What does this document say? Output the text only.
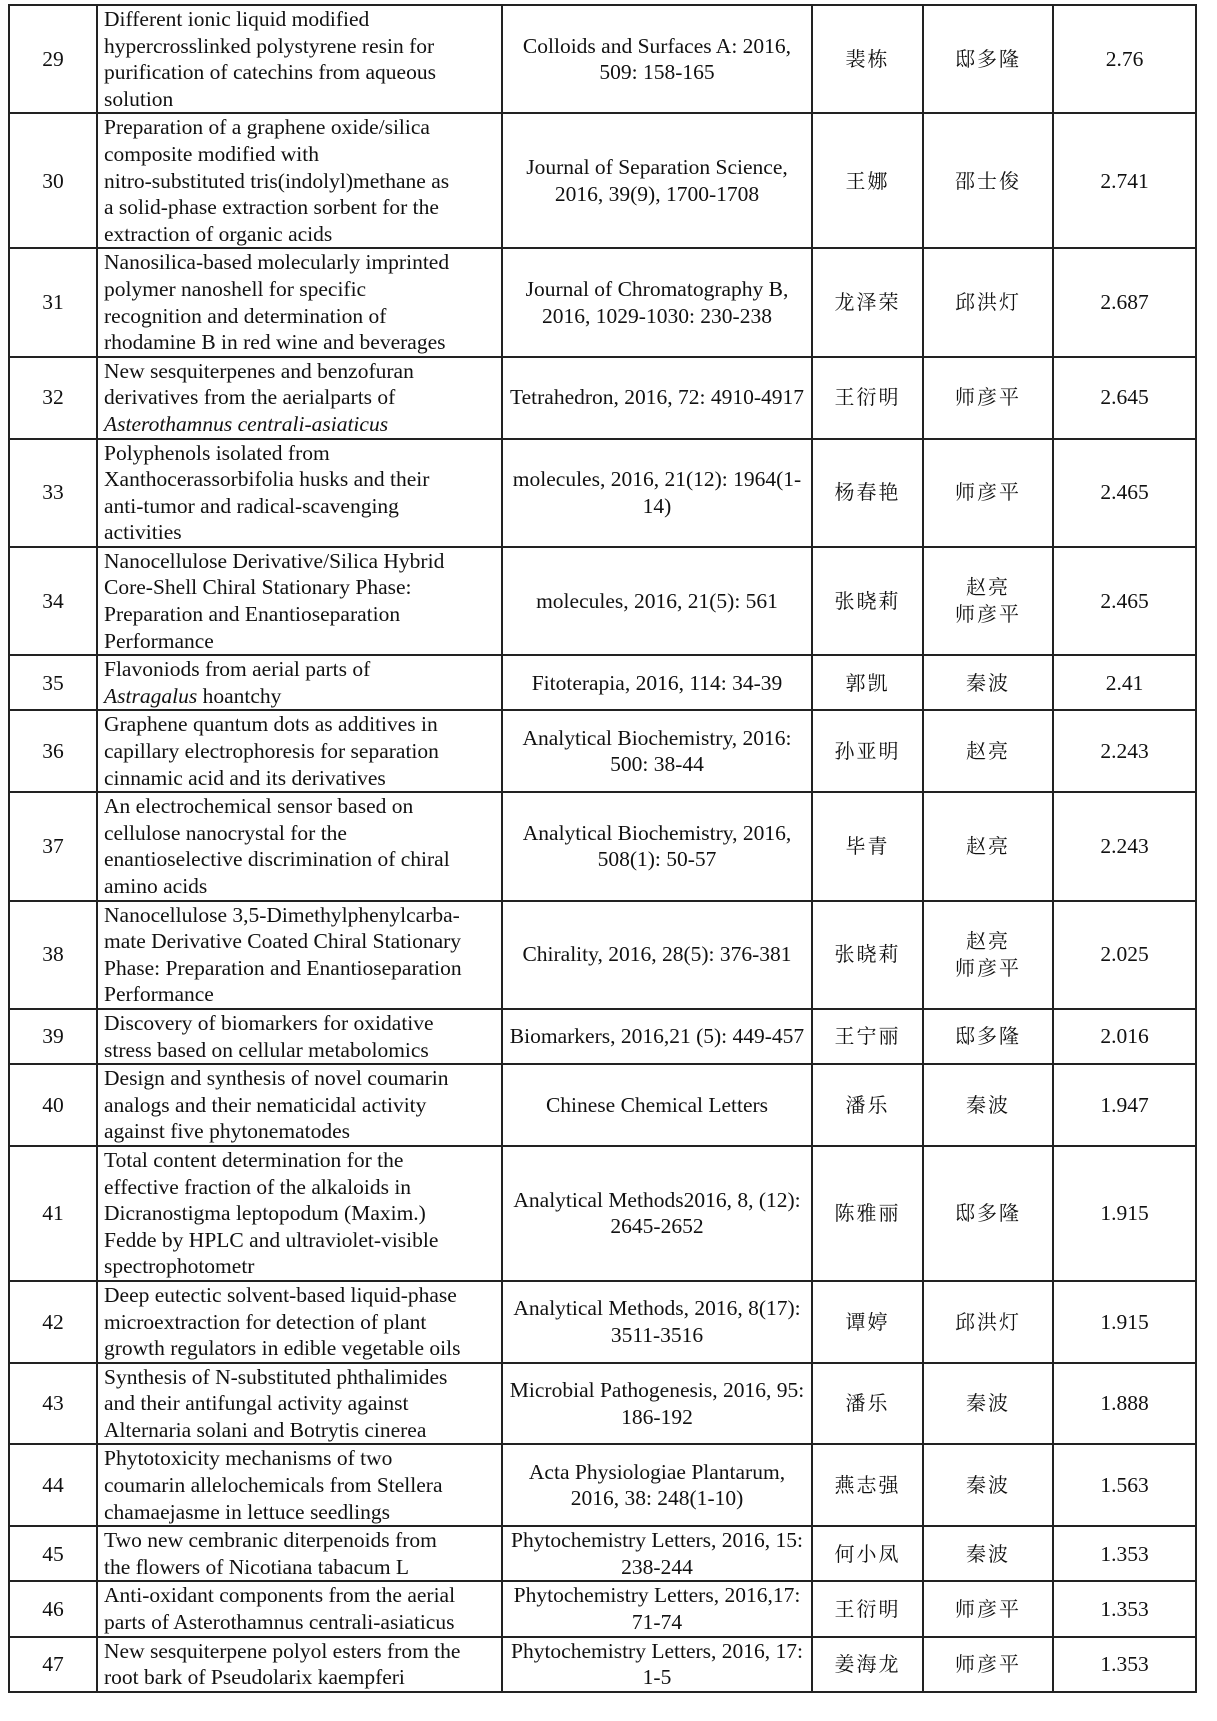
29	Different ionic liquid modified
hypercrosslinked polystyrene resin for
purification of catechins from aqueous
solution	Colloids and Surfaces A: 2016, 509: 158-165	裴栋	邸多隆	2.76
30	Preparation of a graphene oxide/silica
composite modified with
nitro-substituted tris(indolyl)methane as
a solid-phase extraction sorbent for the
extraction of organic acids	Journal of Separation Science, 2016, 39(9), 1700-1708	王娜	邵士俊	2.741
31	Nanosilica-based molecularly imprinted
polymer nanoshell for specific
recognition and determination of
rhodamine B in red wine and beverages	Journal of Chromatography B, 2016, 1029-1030: 230-238	龙泽荣	邱洪灯	2.687
32	New sesquiterpenes and benzofuran
derivatives from the aerialparts of
Asterothamnus centrali-asiaticus	Tetrahedron, 2016, 72: 4910-4917	王衍明	师彦平	2.645
33	Polyphenols isolated from
Xanthocerassorbifolia husks and their
anti-tumor and radical-scavenging
activities	molecules, 2016, 21(12): 1964(1-14)	杨春艳	师彦平	2.465
34	Nanocellulose Derivative/Silica Hybrid
Core-Shell Chiral Stationary Phase:
Preparation and Enantioseparation
Performance	molecules, 2016, 21(5): 561	张晓莉	赵亮
师彦平	2.465
35	Flavoniods from aerial parts of
Astragalus hoantchy	Fitoterapia, 2016, 114: 34-39	郭凯	秦波	2.41
36	Graphene quantum dots as additives in
capillary electrophoresis for separation
cinnamic acid and its derivatives	Analytical Biochemistry, 2016: 500: 38-44	孙亚明	赵亮	2.243
37	An electrochemical sensor based on
cellulose nanocrystal for the
enantioselective discrimination of chiral
amino acids	Analytical Biochemistry, 2016, 508(1): 50-57	毕青	赵亮	2.243
38	Nanocellulose 3,5-Dimethylphenylcarba-
mate Derivative Coated Chiral Stationary
Phase: Preparation and Enantioseparation
Performance	Chirality, 2016, 28(5): 376-381	张晓莉	赵亮
师彦平	2.025
39	Discovery of biomarkers for oxidative
stress based on cellular metabolomics	Biomarkers, 2016,21 (5): 449-457	王宁丽	邸多隆	2.016
40	Design and synthesis of novel coumarin
analogs and their nematicidal activity
against five phytonematodes	Chinese Chemical Letters	潘乐	秦波	1.947
41	Total content determination for the
effective fraction of the alkaloids in
Dicranostigma leptopodum (Maxim.)
Fedde by HPLC and ultraviolet-visible
spectrophotometr	Analytical Methods2016, 8, (12): 2645-2652	陈雅丽	邸多隆	1.915
42	Deep eutectic solvent-based liquid-phase
microextraction for detection of plant
growth regulators in edible vegetable oils	Analytical Methods, 2016, 8(17): 3511-3516	谭婷	邱洪灯	1.915
43	Synthesis of N-substituted phthalimides
and their antifungal activity against
Alternaria solani and Botrytis cinerea	Microbial Pathogenesis, 2016, 95: 186-192	潘乐	秦波	1.888
44	Phytotoxicity mechanisms of two
coumarin allelochemicals from Stellera
chamaejasme in lettuce seedlings	Acta Physiologiae Plantarum, 2016, 38: 248(1-10)	燕志强	秦波	1.563
45	Two new cembranic diterpenoids from
the flowers of Nicotiana tabacum L	Phytochemistry Letters, 2016, 15: 238-244	何小凤	秦波	1.353
46	Anti-oxidant components from the aerial
parts of Asterothamnus centrali-asiaticus	Phytochemistry Letters, 2016,17: 71-74	王衍明	师彦平	1.353
47	New sesquiterpene polyol esters from the
root bark of Pseudolarix kaempferi	Phytochemistry Letters, 2016, 17: 1-5	姜海龙	师彦平	1.353
